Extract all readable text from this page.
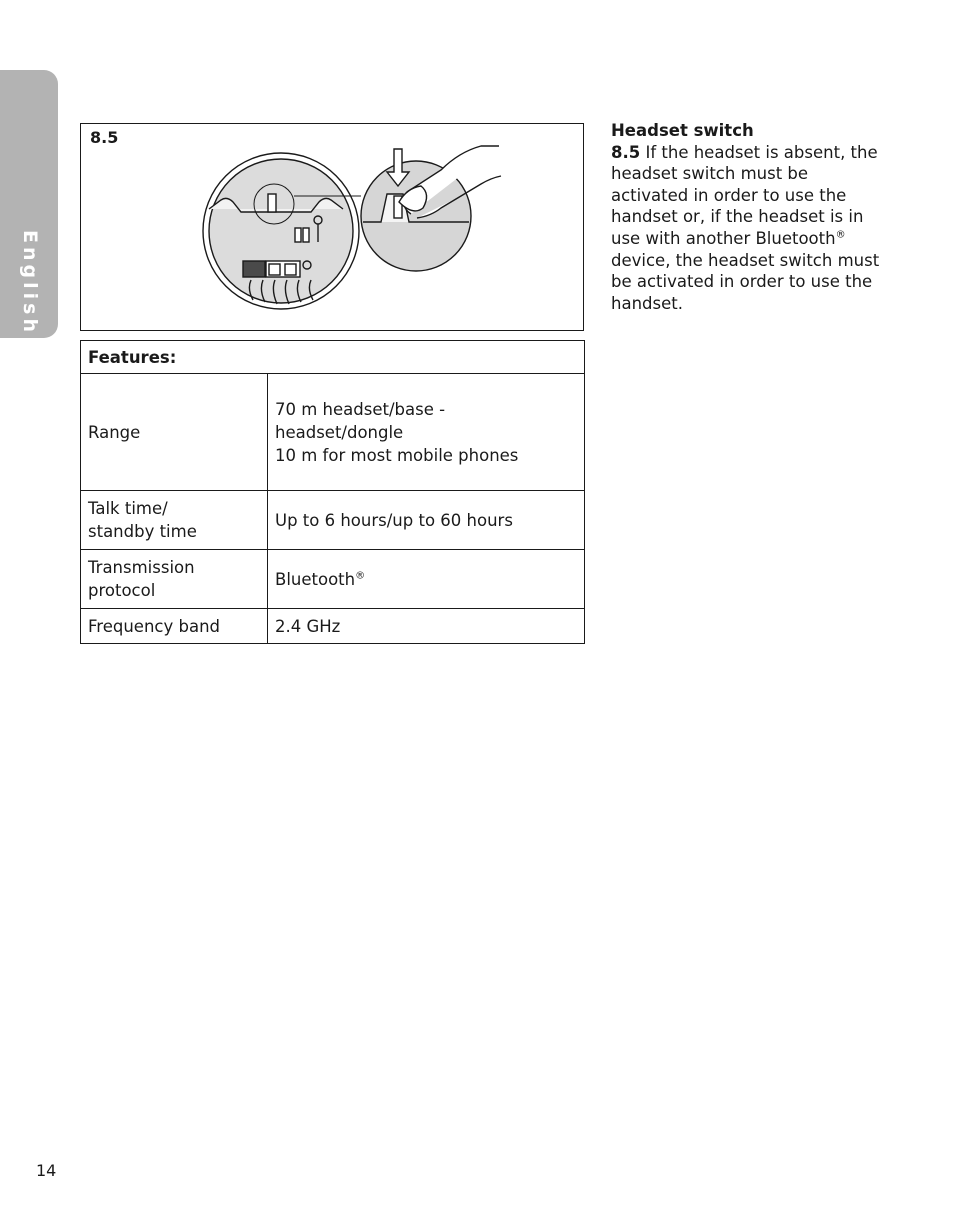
English
8.5
Features:	
Range	70 m headset/base -
headset/dongle
10 m for most mobile phones

Talk time/
standby time	Up to 6 hours/up to 60 hours

Transmission
protocol	Bluetooth®
Frequency band	2.4 GHz
Headset switch
8.5 If the headset is absent, the headset switch must be activated in order to use the handset or, if the headset is in use with another Bluetooth® device, the headset switch must be activated in order to use the handset.
14
